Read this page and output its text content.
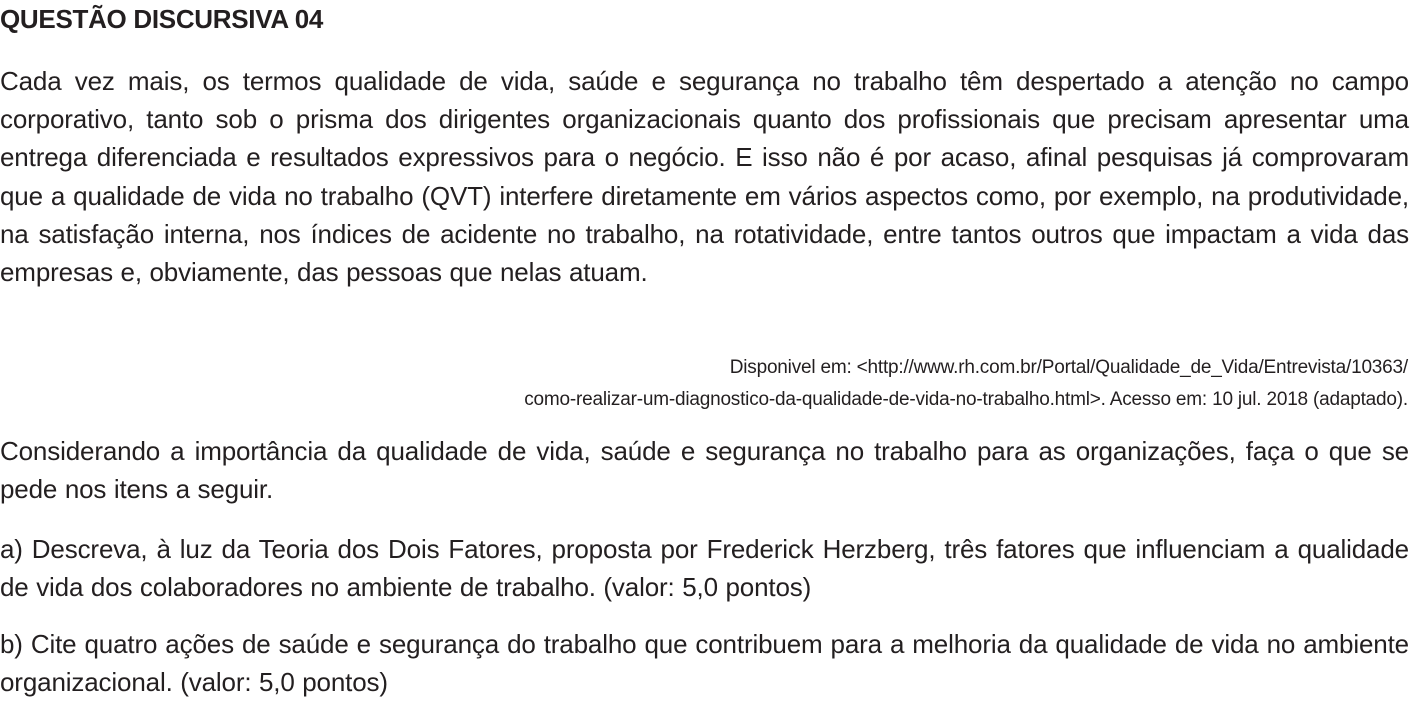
QUESTÃO DISCURSIVA 04

Cada vez mais, os termos qualidade de vida, saúde e segurança no trabalho têm despertado a atenção no campo corporativo, tanto sob o prisma dos dirigentes organizacionais quanto dos profissionais que precisam apresentar uma entrega diferenciada e resultados expressivos para o negócio. E isso não é por acaso, afinal pesquisas já comprovaram que a qualidade de vida no trabalho (QVT) interfere diretamente em vários aspectos como, por exemplo, na produtividade, na satisfação interna, nos índices de acidente no trabalho, na rotatividade, entre tantos outros que impactam a vida das empresas e, obviamente, das pessoas que nelas atuam.

Disponivel em: <http://www.rh.com.br/Portal/Qualidade_de_Vida/Entrevista/10363/
como-realizar-um-diagnostico-da-qualidade-de-vida-no-trabalho.html>. Acesso em: 10 jul. 2018 (adaptado).

Considerando a importância da qualidade de vida, saúde e segurança no trabalho para as organizações, faça o que se pede nos itens a seguir.

a) Descreva, à luz da Teoria dos Dois Fatores, proposta por Frederick Herzberg, três fatores que influenciam a qualidade de vida dos colaboradores no ambiente de trabalho. (valor: 5,0 pontos)

b) Cite quatro ações de saúde e segurança do trabalho que contribuem para a melhoria da qualidade de vida no ambiente organizacional. (valor: 5,0 pontos)
